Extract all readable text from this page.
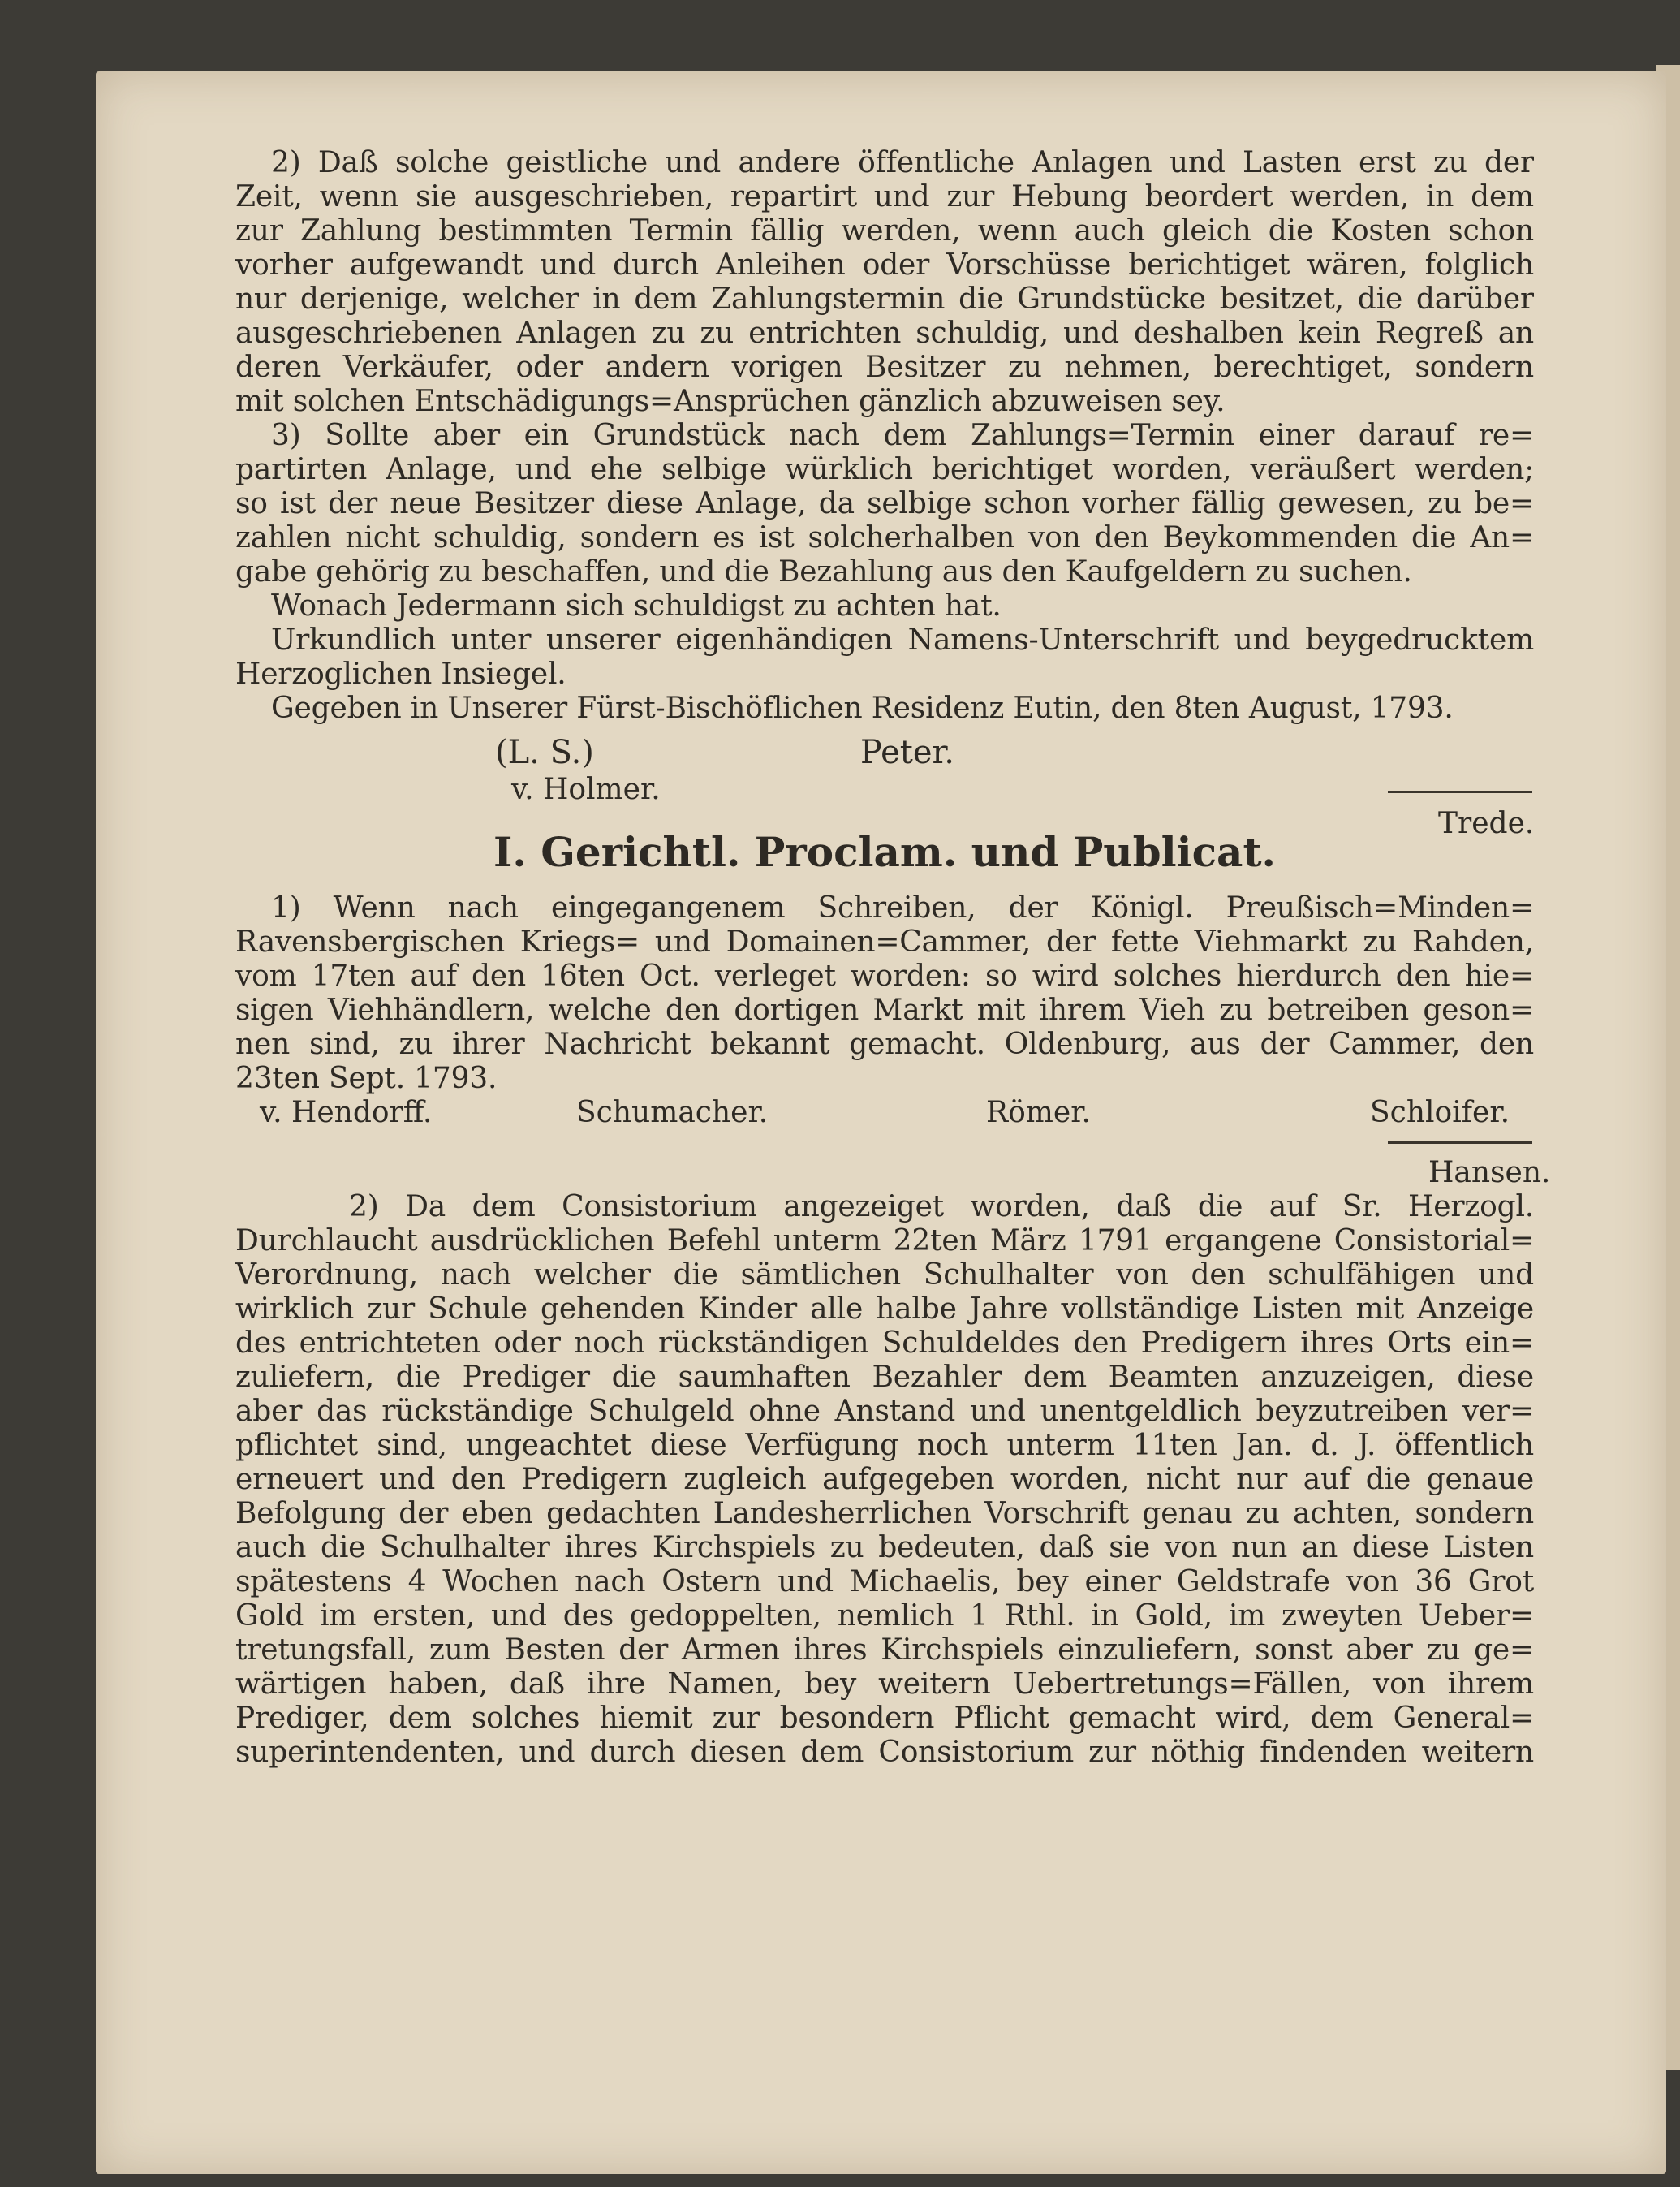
2) Daß solche geistliche und andere öffentliche Anlagen und Lasten erst zu der
Zeit, wenn sie ausgeschrieben, repartirt und zur Hebung beordert werden, in dem
zur Zahlung bestimmten Termin fällig werden, wenn auch gleich die Kosten schon
vorher aufgewandt und durch Anleihen oder Vorschüsse berichtiget wären, folglich
nur derjenige, welcher in dem Zahlungstermin die Grundstücke besitzet, die darüber
ausgeschriebenen Anlagen zu zu entrichten schuldig, und deshalben kein Regreß an
deren Verkäufer, oder andern vorigen Besitzer zu nehmen, berechtiget, sondern
mit solchen Entschädigungs=Ansprüchen gänzlich abzuweisen sey.
3) Sollte aber ein Grundstück nach dem Zahlungs=Termin einer darauf re=
partirten Anlage, und ehe selbige würklich berichtiget worden, veräußert werden;
so ist der neue Besitzer diese Anlage, da selbige schon vorher fällig gewesen, zu be=
zahlen nicht schuldig, sondern es ist solcherhalben von den Beykommenden die An=
gabe gehörig zu beschaffen, und die Bezahlung aus den Kaufgeldern zu suchen.
Wonach Jedermann sich schuldigst zu achten hat.
Urkundlich unter unserer eigenhändigen Namens-Unterschrift und beygedrucktem
Herzoglichen Insiegel.
Gegeben in Unserer Fürst-Bischöflichen Residenz Eutin, den 8ten August, 1793.
(L. S.)	Peter.
v. Holmer.
Trede.
I. Gerichtl. Proclam. und Publicat.
1) Wenn nach eingegangenem Schreiben, der Königl. Preußisch=Minden=
Ravensbergischen Kriegs= und Domainen=Cammer, der fette Viehmarkt zu Rahden,
vom 17ten auf den 16ten Oct. verleget worden: so wird solches hierdurch den hie=
sigen Viehhändlern, welche den dortigen Markt mit ihrem Vieh zu betreiben geson=
nen sind, zu ihrer Nachricht bekannt gemacht. Oldenburg, aus der Cammer, den
23ten Sept. 1793.
v. Hendorff.	Schumacher.	Römer.	Schloifer.
Hansen.
2) Da dem Consistorium angezeiget worden, daß die auf Sr. Herzogl.
Durchlaucht ausdrücklichen Befehl unterm 22ten März 1791 ergangene Consistorial=
Verordnung, nach welcher die sämtlichen Schulhalter von den schulfähigen und
wirklich zur Schule gehenden Kinder alle halbe Jahre vollständige Listen mit Anzeige
des entrichteten oder noch rückständigen Schuldeldes den Predigern ihres Orts ein=
zuliefern, die Prediger die saumhaften Bezahler dem Beamten anzuzeigen, diese
aber das rückständige Schulgeld ohne Anstand und unentgeldlich beyzutreiben ver=
pflichtet sind, ungeachtet diese Verfügung noch unterm 11ten Jan. d. J. öffentlich
erneuert und den Predigern zugleich aufgegeben worden, nicht nur auf die genaue
Befolgung der eben gedachten Landesherrlichen Vorschrift genau zu achten, sondern
auch die Schulhalter ihres Kirchspiels zu bedeuten, daß sie von nun an diese Listen
spätestens 4 Wochen nach Ostern und Michaelis, bey einer Geldstrafe von 36 Grot
Gold im ersten, und des gedoppelten, nemlich 1 Rthl. in Gold, im zweyten Ueber=
tretungsfall, zum Besten der Armen ihres Kirchspiels einzuliefern, sonst aber zu ge=
wärtigen haben, daß ihre Namen, bey weitern Uebertretungs=Fällen, von ihrem
Prediger, dem solches hiemit zur besondern Pflicht gemacht wird, dem General=
superintendenten, und durch diesen dem Consistorium zur nöthig findenden weitern
